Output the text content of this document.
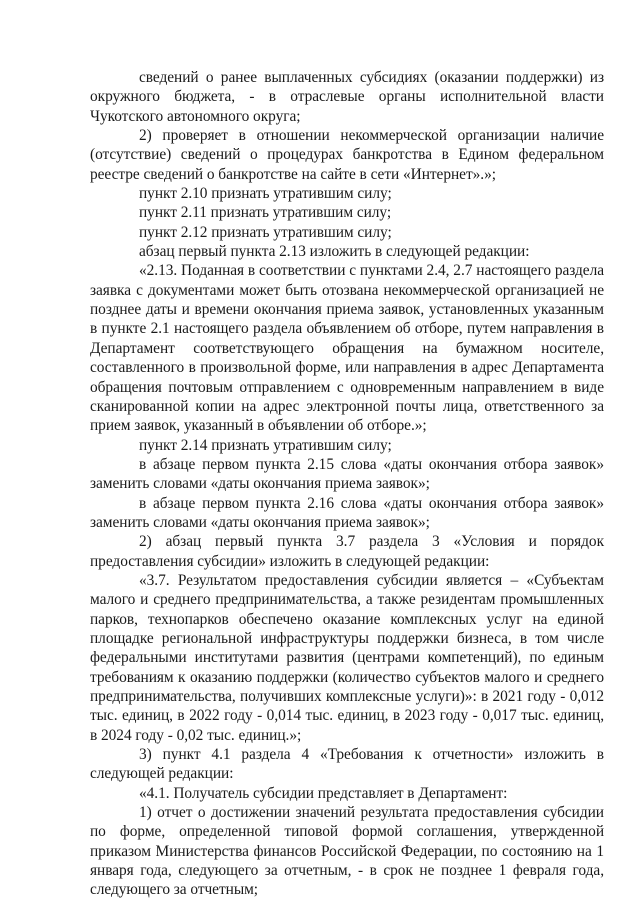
сведений о ранее выплаченных субсидиях (оказании поддержки) из окружного бюджета, - в отраслевые органы исполнительной власти Чукотского автономного округа;

2) проверяет в отношении некоммерческой организации наличие (отсутствие) сведений о процедурах банкротства в Едином федеральном реестре сведений о банкротстве на сайте в сети «Интернет».»;

пункт 2.10 признать утратившим силу;

пункт 2.11 признать утратившим силу;

пункт 2.12 признать утратившим силу;

абзац первый пункта 2.13 изложить в следующей редакции:

«2.13. Поданная в соответствии с пунктами 2.4, 2.7 настоящего раздела заявка с документами может быть отозвана некоммерческой организацией не позднее даты и времени окончания приема заявок, установленных указанным в пункте 2.1 настоящего раздела объявлением об отборе, путем направления в Департамент соответствующего обращения на бумажном носителе, составленного в произвольной форме, или направления в адрес Департамента обращения почтовым отправлением с одновременным направлением в виде сканированной копии на адрес электронной почты лица, ответственного за прием заявок, указанный в объявлении об отборе.»;

пункт 2.14 признать утратившим силу;

в абзаце первом пункта 2.15 слова «даты окончания отбора заявок» заменить словами «даты окончания приема заявок»;

в абзаце первом пункта 2.16 слова «даты окончания отбора заявок» заменить словами «даты окончания приема заявок»;

2) абзац первый пункта 3.7 раздела 3 «Условия и порядок предоставления субсидии» изложить в следующей редакции:

«3.7. Результатом предоставления субсидии является – «Субъектам малого и среднего предпринимательства, а также резидентам промышленных парков, технопарков обеспечено оказание комплексных услуг на единой площадке региональной инфраструктуры поддержки бизнеса, в том числе федеральными институтами развития (центрами компетенций), по единым требованиям к оказанию поддержки (количество субъектов малого и среднего предпринимательства, получивших комплексные услуги)»: в 2021 году - 0,012 тыс. единиц, в 2022 году - 0,014 тыс. единиц, в 2023 году - 0,017 тыс. единиц, в 2024 году - 0,02 тыс. единиц.»;

3) пункт 4.1 раздела 4 «Требования к отчетности» изложить в следующей редакции:

«4.1. Получатель субсидии представляет в Департамент:

1) отчет о достижении значений результата предоставления субсидии по форме, определенной типовой формой соглашения, утвержденной приказом Министерства финансов Российской Федерации, по состоянию на 1 января года, следующего за отчетным, - в срок не позднее 1 февраля года, следующего за отчетным;
